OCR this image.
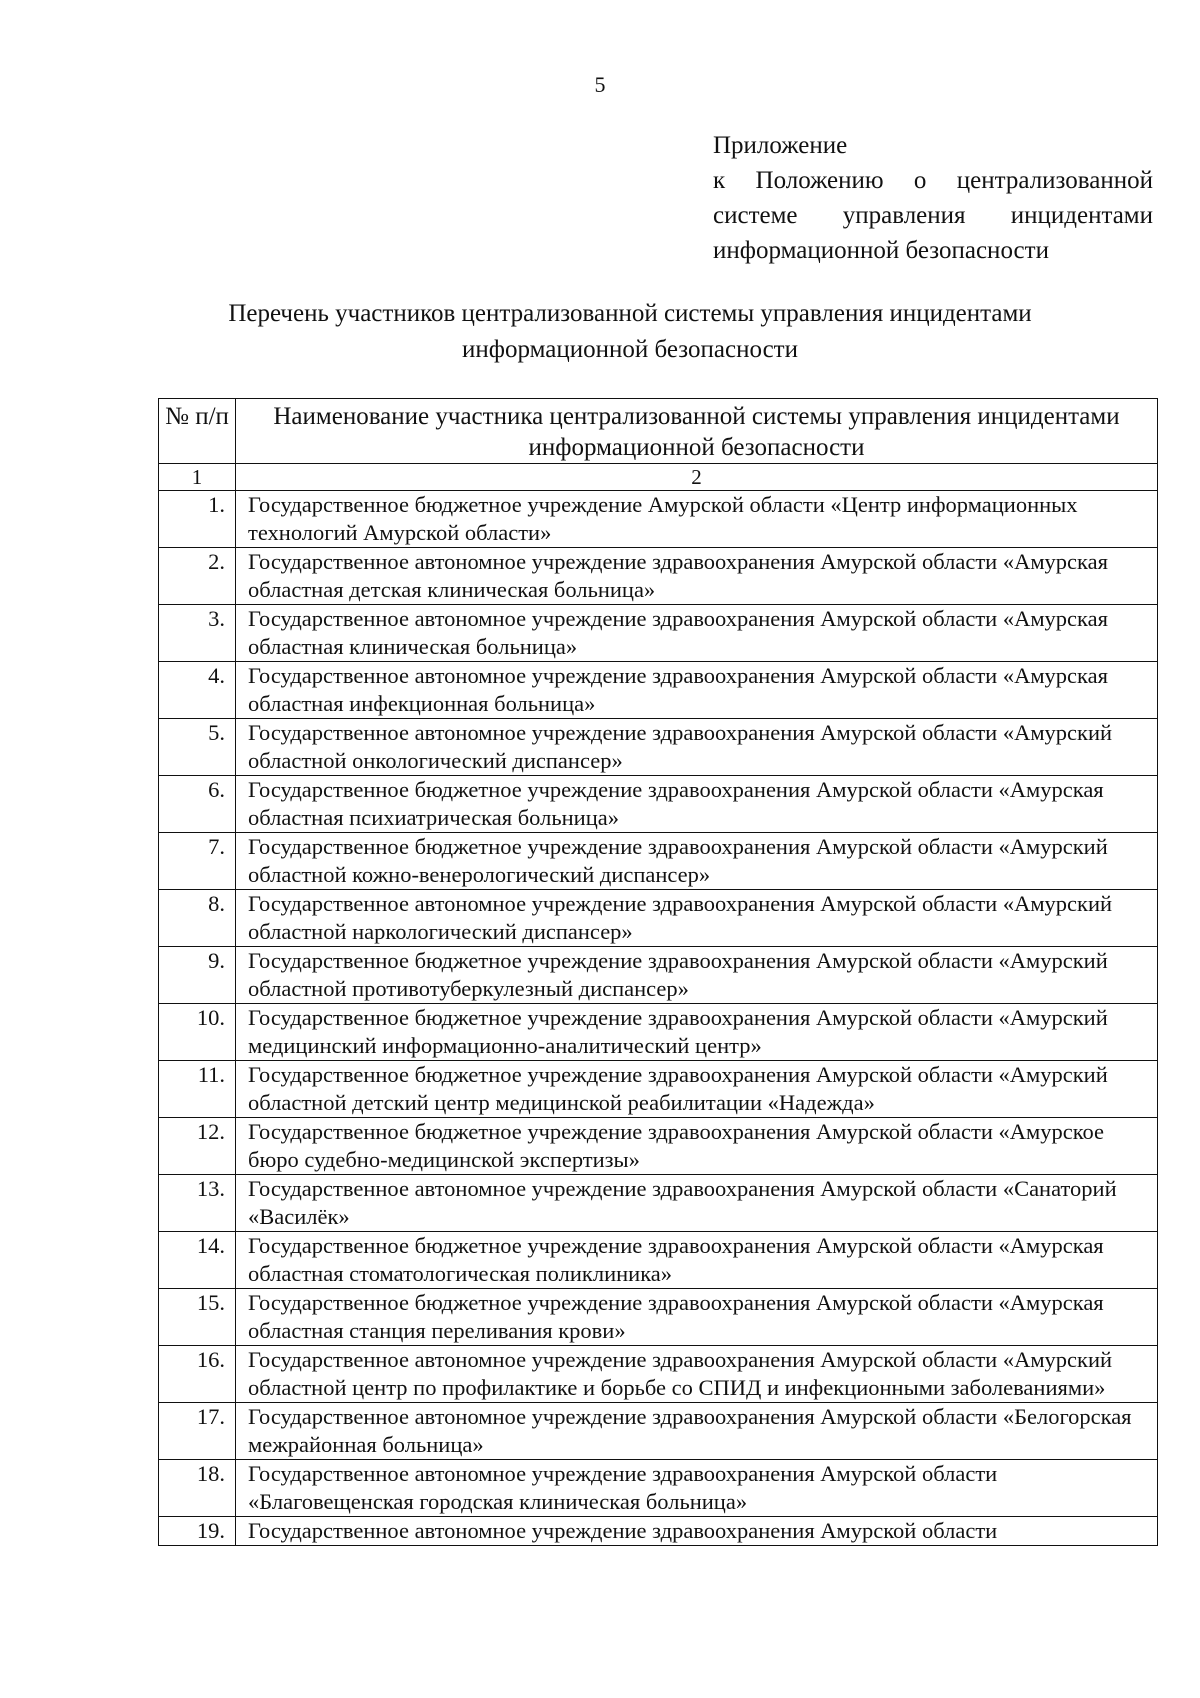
5
Приложение
к Положению о централизованной
системе управления инцидентами
информационной безопасности
Перечень участников централизованной системы управления инцидентами
информационной безопасности
№ п/п	Наименование участника централизованной системы управления инцидентами информационной безопасности
1	2
1.	Государственное бюджетное учреждение Амурской области «Центр информационных технологий Амурской области»
2.	Государственное автономное учреждение здравоохранения Амурской области «Амурская областная детская клиническая больница»
3.	Государственное автономное учреждение здравоохранения Амурской области «Амурская областная клиническая больница»
4.	Государственное автономное учреждение здравоохранения Амурской области «Амурская областная инфекционная больница»
5.	Государственное автономное учреждение здравоохранения Амурской области «Амурский областной онкологический диспансер»
6.	Государственное бюджетное учреждение здравоохранения Амурской области «Амурская областная психиатрическая больница»
7.	Государственное бюджетное учреждение здравоохранения Амурской области «Амурский областной кожно-венерологический диспансер»
8.	Государственное автономное учреждение здравоохранения Амурской области «Амурский областной наркологический диспансер»
9.	Государственное бюджетное учреждение здравоохранения Амурской области «Амурский областной противотуберкулезный диспансер»
10.	Государственное бюджетное учреждение здравоохранения Амурской области «Амурский медицинский информационно-аналитический центр»
11.	Государственное бюджетное учреждение здравоохранения Амурской области «Амурский областной детский центр медицинской реабилитации «Надежда»
12.	Государственное бюджетное учреждение здравоохранения Амурской области «Амурское бюро судебно-медицинской экспертизы»
13.	Государственное автономное учреждение здравоохранения Амурской области «Санаторий «Василёк»
14.	Государственное бюджетное учреждение здравоохранения Амурской области «Амурская областная стоматологическая поликлиника»
15.	Государственное бюджетное учреждение здравоохранения Амурской области «Амурская областная станция переливания крови»
16.	Государственное автономное учреждение здравоохранения Амурской области «Амурский областной центр по профилактике и борьбе со СПИД и инфекционными заболеваниями»
17.	Государственное автономное учреждение здравоохранения Амурской области «Белогорская межрайонная больница»
18.	Государственное автономное учреждение здравоохранения Амурской области «Благовещенская городская клиническая больница»
19.	Государственное автономное учреждение здравоохранения Амурской области
